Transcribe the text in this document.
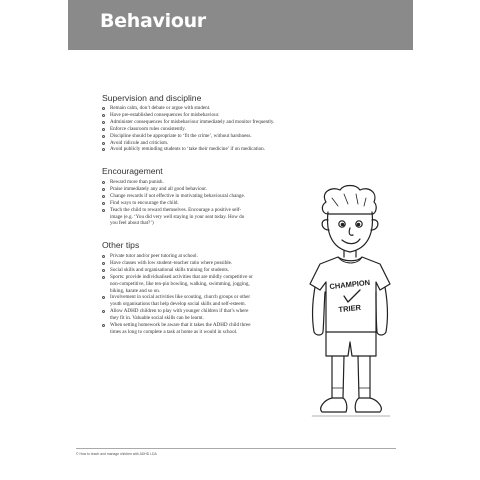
Behaviour
Supervision and discipline
Remain calm, don’t debate or argue with student.
Have pre-established consequences for misbehaviour.
Administer consequences for misbehaviour immediately and monitor frequently.
Enforce classroom rules consistently.
Discipline should be appropriate to ‘fit the crime’, without harshness.
Avoid ridicule and criticism.
Avoid publicly reminding students to ‘take their medicine’ if on medication.
Encouragement
Reward more than punish.
Praise immediately any and all good behaviour.
Change rewards if not effective in motivating behavioural change.
Find ways to encourage the child.
Teach the child to reward themselves. Encourage a positive self-image (e.g. ‘You did very well staying in your seat today. How do you feel about that?’)
Other tips
Private tutor and/or peer tutoring at school.
Have classes with low student–teacher ratio where possible.
Social skills and organisational skills training for students.
Sports: provide individualised activities that are mildly competitive or non-competitive, like ten-pin bowling, walking, swimming, jogging, biking, karate and so on.
Involvement in social activities like scouting, church groups or other youth organisations that help develop social skills and self-esteem.
Allow ADHD children to play with younger children if that’s where they fit in. Valuable social skills can be learnt.
When setting homework be aware that it takes the ADHD child three times as long to complete a task at home as it would in school.
CHAMPION
TRIER

© How to teach and manage children with ADHD LDA
